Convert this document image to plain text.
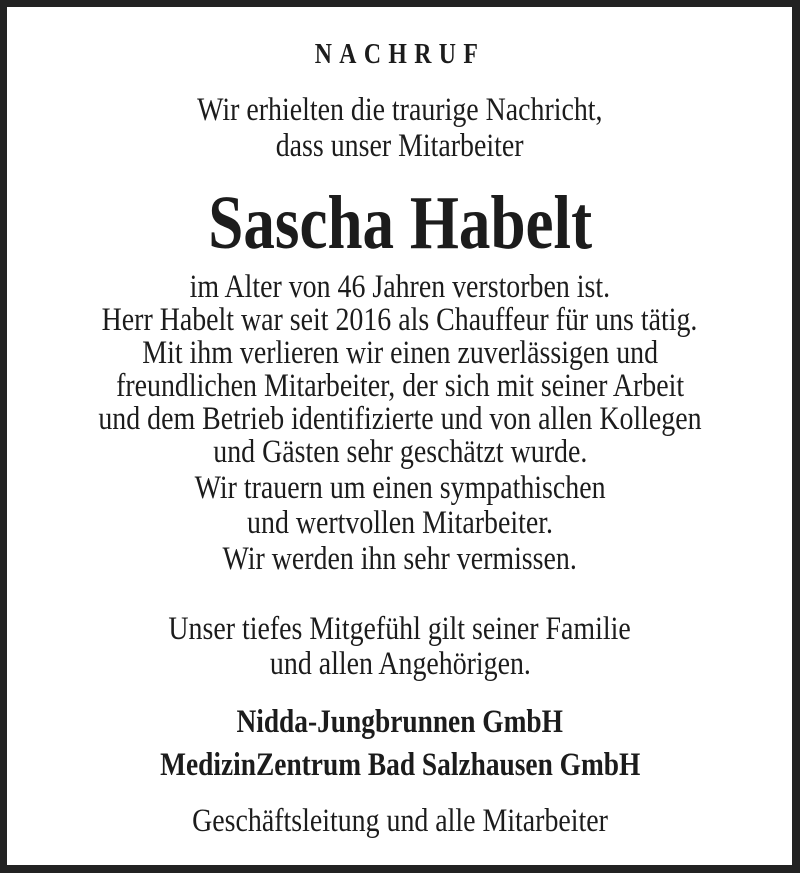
NACHRUF
Wir erhielten die traurige Nachricht,
dass unser Mitarbeiter
Sascha Habelt
im Alter von 46 Jahren verstorben ist.
Herr Habelt war seit 2016 als Chauffeur für uns tätig.
Mit ihm verlieren wir einen zuverlässigen und
freundlichen Mitarbeiter, der sich mit seiner Arbeit
und dem Betrieb identifizierte und von allen Kollegen
und Gästen sehr geschätzt wurde.
Wir trauern um einen sympathischen
und wertvollen Mitarbeiter.
Wir werden ihn sehr vermissen.
Unser tiefes Mitgefühl gilt seiner Familie
und allen Angehörigen.
Nidda-Jungbrunnen GmbH
MedizinZentrum Bad Salzhausen GmbH
Geschäftsleitung und alle Mitarbeiter
